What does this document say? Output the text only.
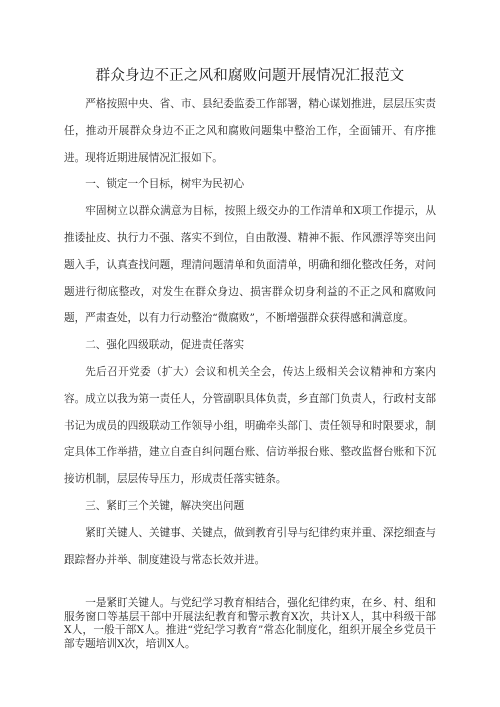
群众身边不正之风和腐败问题开展情况汇报范文

严格按照中央、省、市、县纪委监委工作部署，精心谋划推进，层层压实责任，推动开展群众身边不正之风和腐败问题集中整治工作，全面铺开、有序推进。现将近期进展情况汇报如下。

一、锁定一个目标，树牢为民初心

牢固树立以群众满意为目标，按照上级交办的工作清单和X项工作提示，从推诿扯皮、执行力不强、落实不到位，自由散漫、精神不振、作风漂浮等突出问题入手，认真查找问题，理清问题清单和负面清单，明确和细化整改任务，对问题进行彻底整改，对发生在群众身边、损害群众切身利益的不正之风和腐败问题，严肃查处，以有力行动整治“微腐败”，不断增强群众获得感和满意度。

二、强化四级联动，促进责任落实

先后召开党委（扩大）会议和机关全会，传达上级相关会议精神和方案内容。成立以我为第一责任人，分管副职具体负责，乡直部门负责人，行政村支部书记为成员的四级联动工作领导小组，明确牵头部门、责任领导和时限要求，制定具体工作举措，建立自查自纠问题台账、信访举报台账、整改监督台账和下沉接访机制，层层传导压力，形成责任落实链条。

三、紧盯三个关键，解决突出问题

紧盯关键人、关键事、关键点，做到教育引导与纪律约束并重、深挖细查与跟踪督办并举、制度建设与常态长效并进。

一是紧盯关键人。与党纪学习教育相结合，强化纪律约束，在乡、村、组和服务窗口等基层干部中开展法纪教育和警示教育X次，共计X人，其中科级干部X人，一般干部X人。推进“党纪学习教育”常态化制度化，组织开展全乡党员干部专题培训X次，培训X人。
